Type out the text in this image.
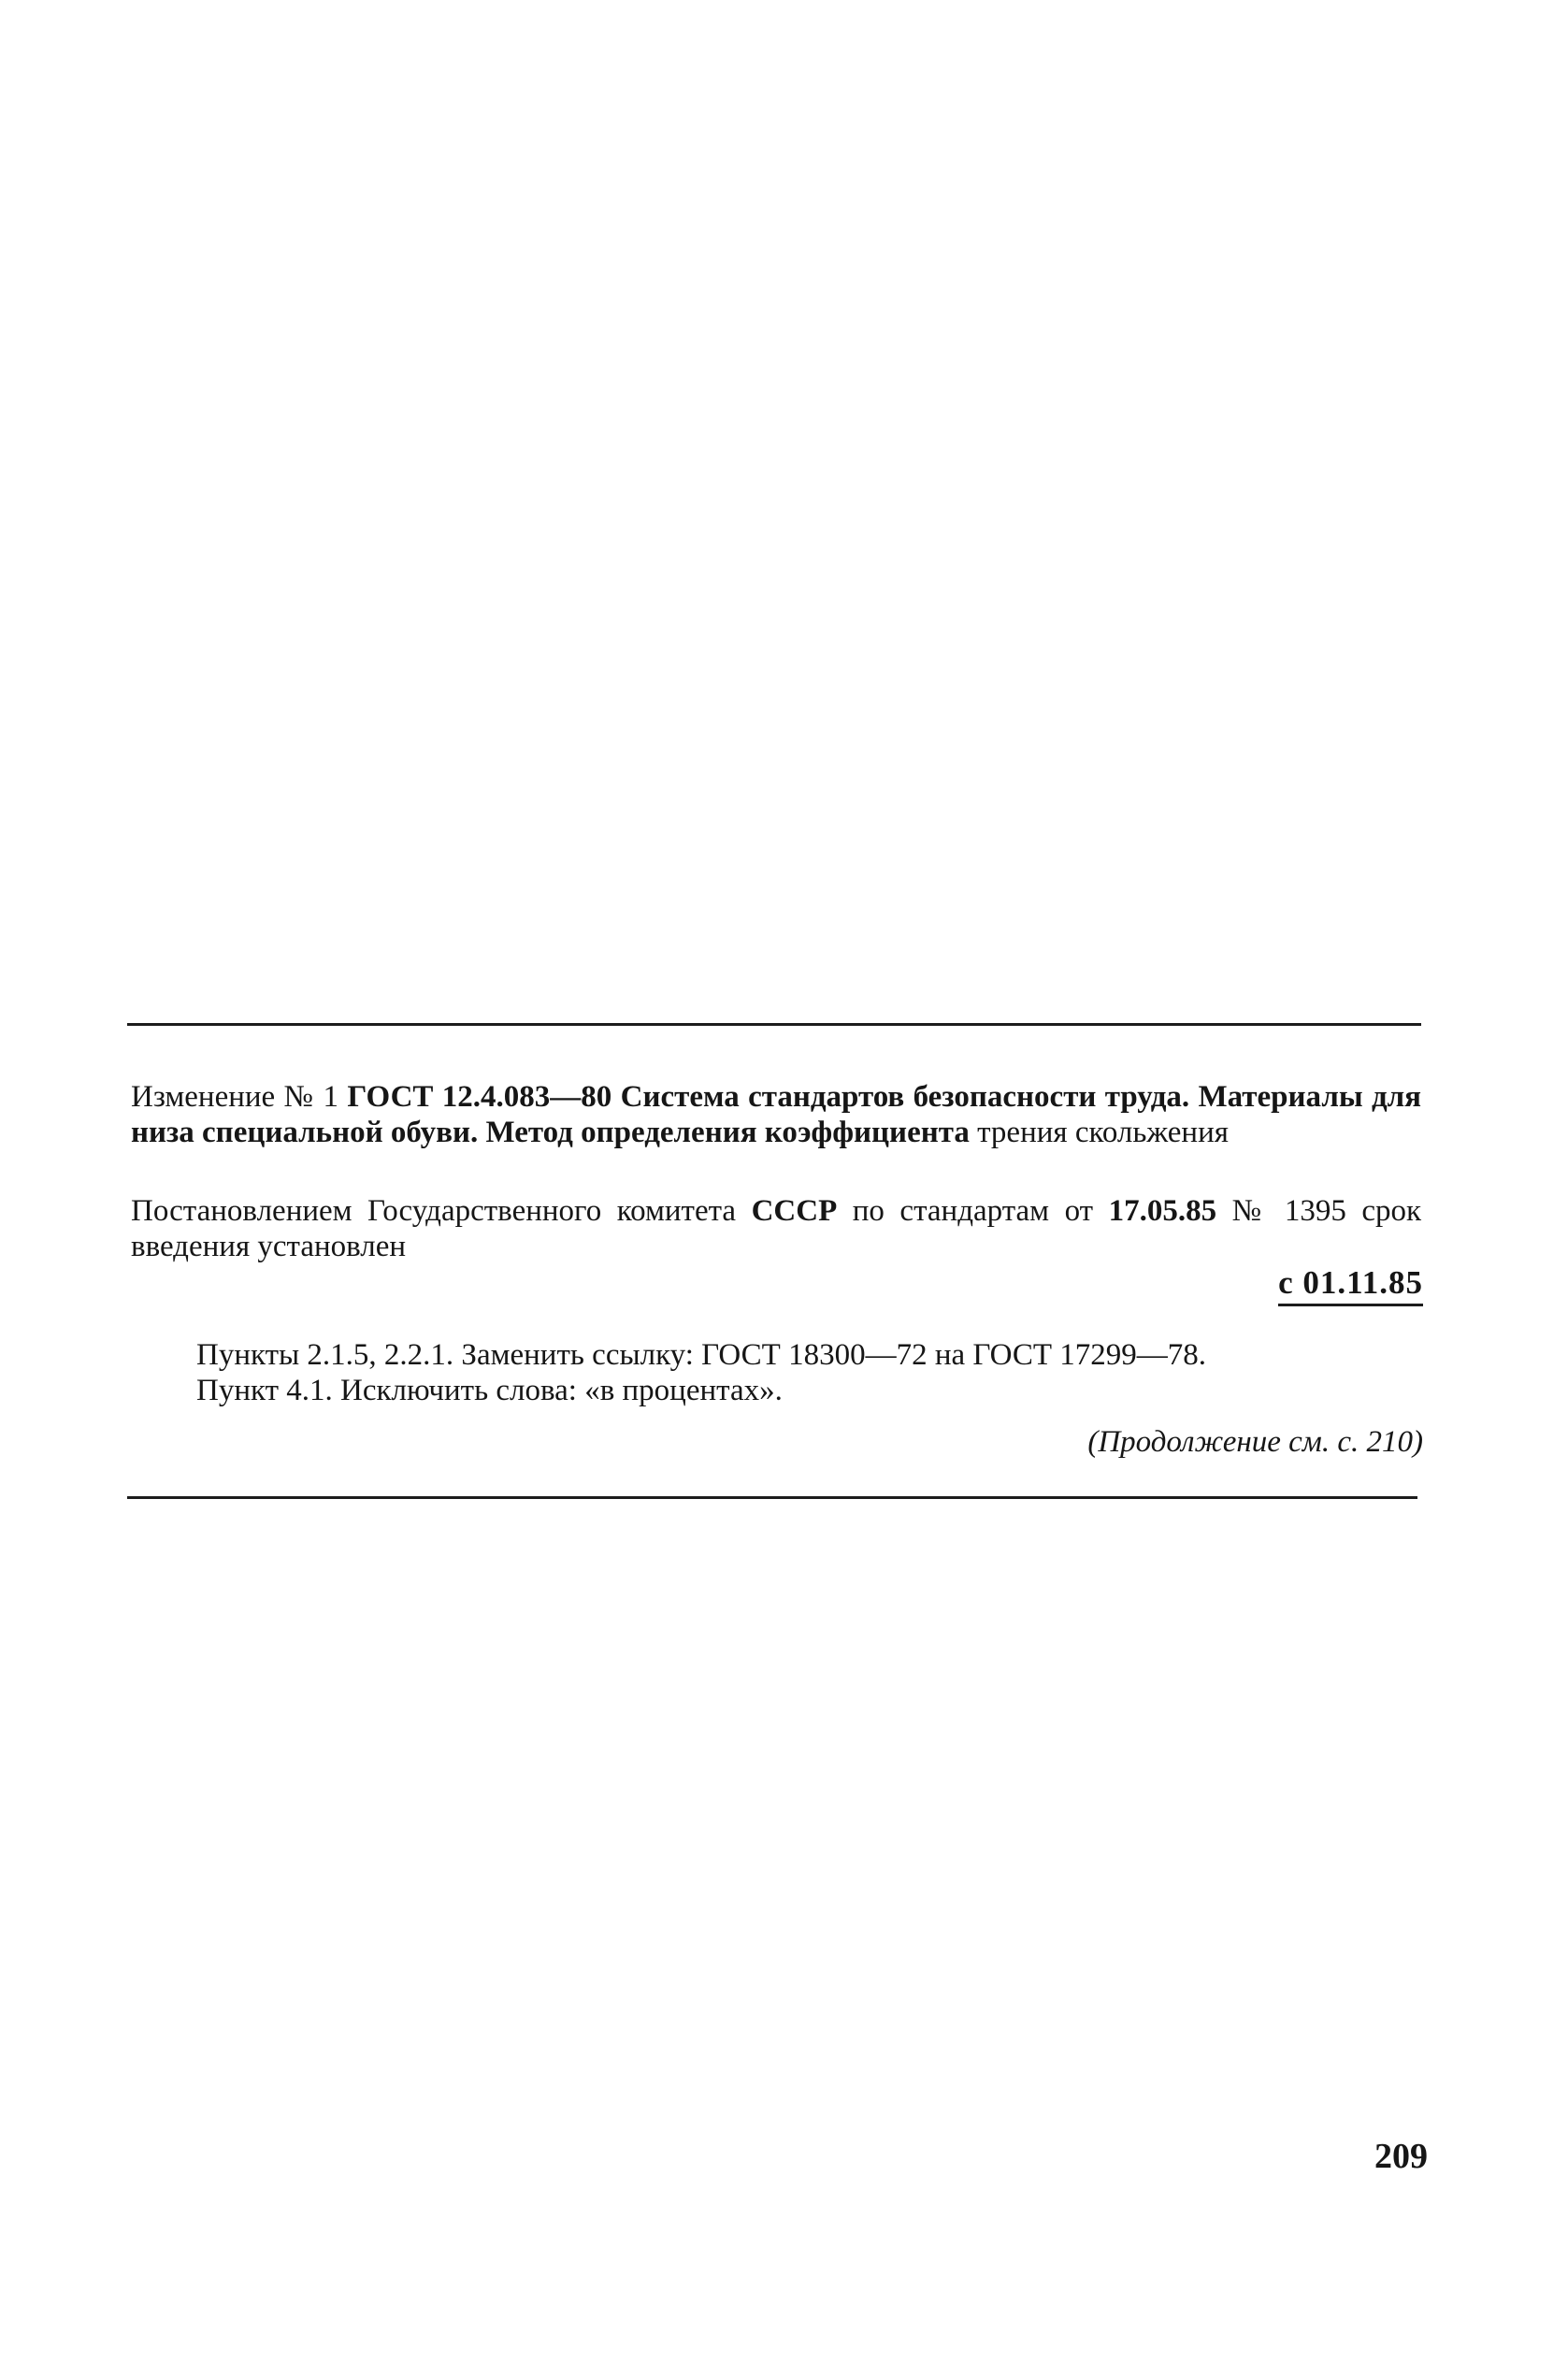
Изменение № 1 ГОСТ 12.4.083—80 Система стандартов безопасности труда. Материалы для низа специальной обуви. Метод определения коэффициента трения скольжения
Постановлением Государственного комитета СССР по стандартам от 17.05.85 № 1395 срок введения установлен
с 01.11.85

Пункты 2.1.5, 2.2.1. Заменить ссылку: ГОСТ 18300—72 на ГОСТ 17299—78.

Пункт 4.1. Исключить слова: «в процентах».

(Продолжение см. с. 210)
209
